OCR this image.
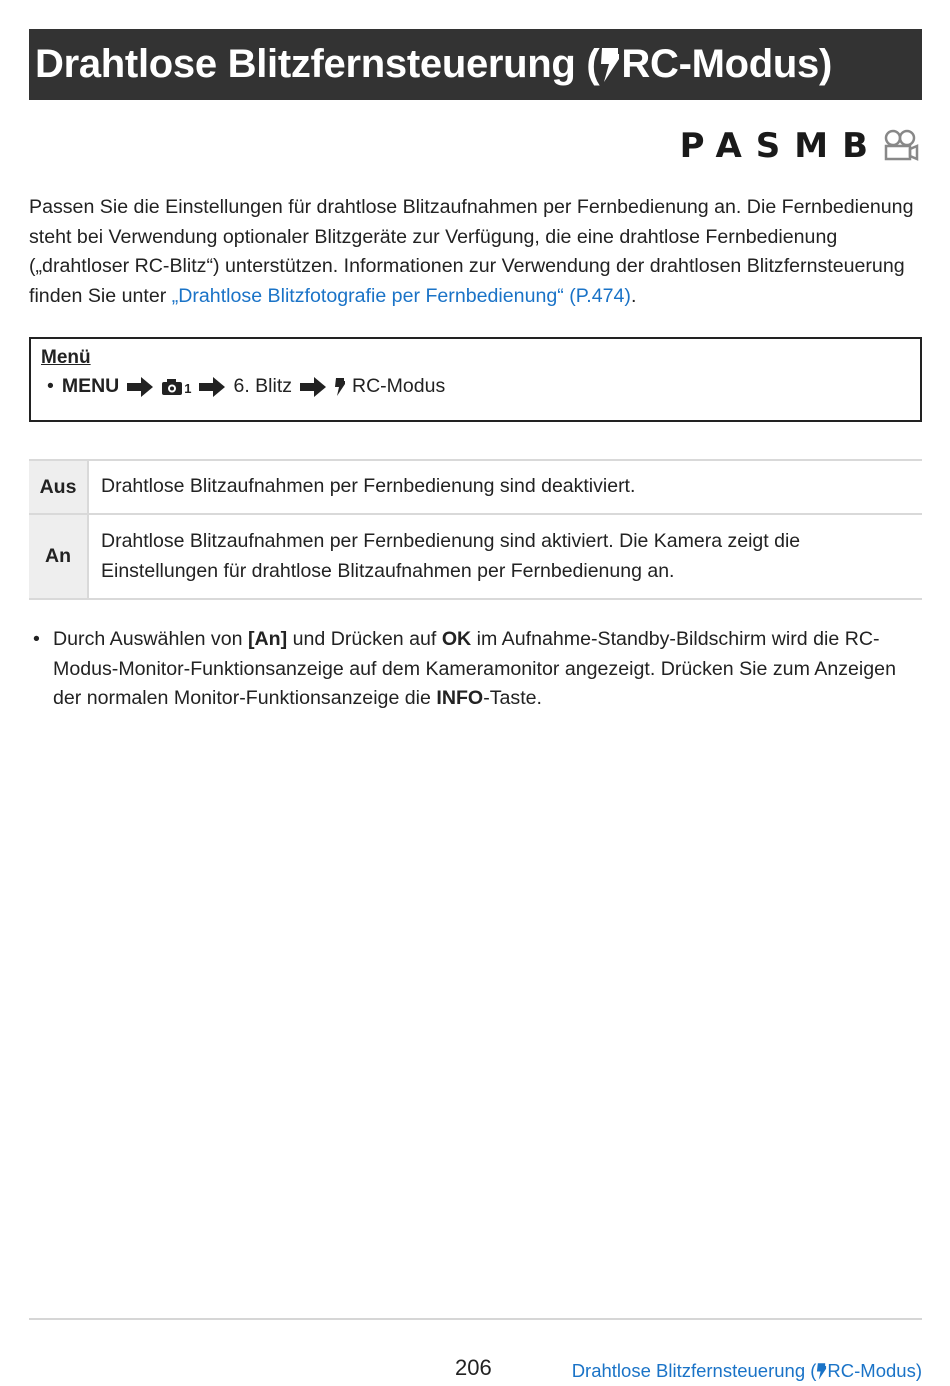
Drahtlose Blitzfernsteuerung ( RC-Modus)
PASMB
Passen Sie die Einstellungen für drahtlose Blitzaufnahmen per Fernbedienung an. Die Fernbedienung steht bei Verwendung optionaler Blitzgeräte zur Verfügung, die eine drahtlose Fernbedienung („drahtloser RC-Blitz“) unterstützen. Informationen zur Verwendung der drahtlosen Blitzfernsteuerung finden Sie unter „Drahtlose Blitzfotografie per Fernbedienung“ (P.474).
Menü
• MENU	1 6. Blitz	RC-Modus
Aus	Drahtlose Blitzaufnahmen per Fernbedienung sind deaktiviert.
An	Drahtlose Blitzaufnahmen per Fernbedienung sind aktiviert. Die Kamera zeigt die Einstellungen für drahtlose Blitzaufnahmen per Fernbedienung an.
• Durch Auswählen von [An] und Drücken auf OK im Aufnahme-Standby-Bildschirm wird die RC-Modus-Monitor-Funktionsanzeige auf dem Kameramonitor angezeigt. Drücken Sie zum Anzeigen der normalen Monitor-Funktionsanzeige die INFO-Taste.
206	Drahtlose Blitzfernsteuerung ( RC-Modus)
